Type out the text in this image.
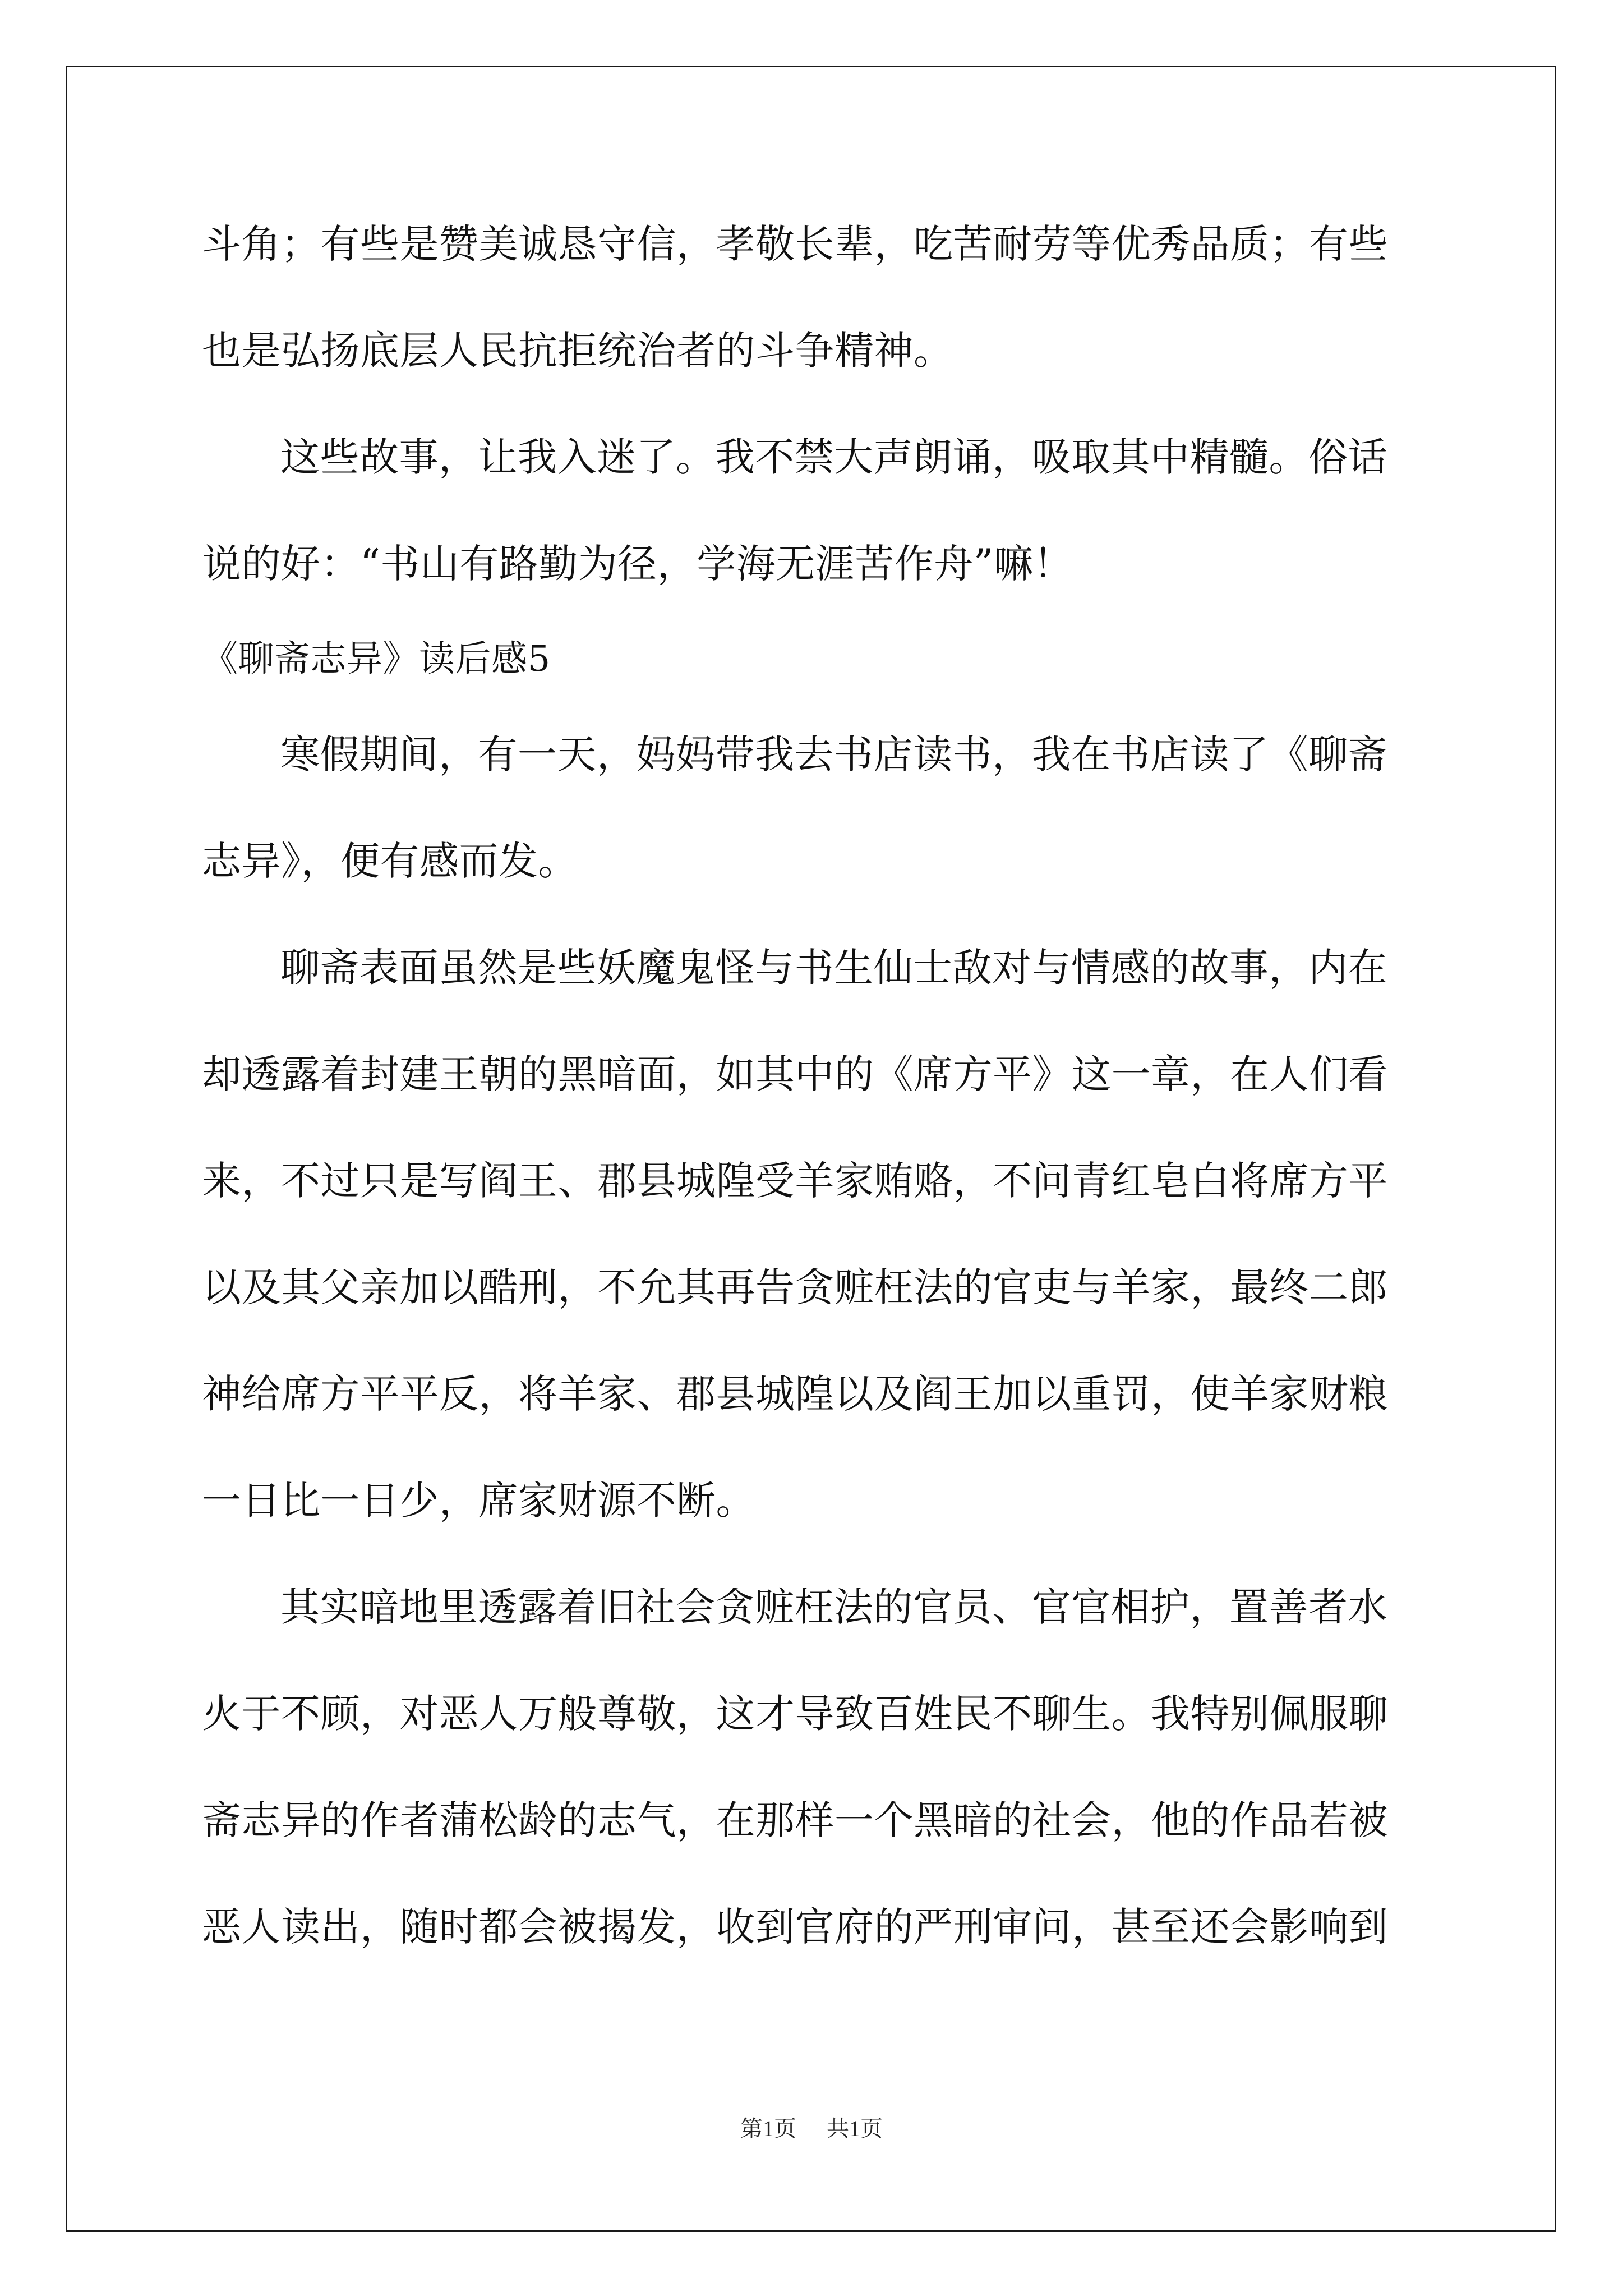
斗角；有些是赞美诚恳守信，孝敬长辈，吃苦耐劳等优秀品质；有些
也是弘扬底层人民抗拒统治者的斗争精神。
这些故事，让我入迷了。我不禁大声朗诵，吸取其中精髓。俗话
说的好：“书山有路勤为径，学海无涯苦作舟”嘛！
《聊斋志异》读后感5
寒假期间，有一天，妈妈带我去书店读书，我在书店读了《聊斋
志异》，便有感而发。
聊斋表面虽然是些妖魔鬼怪与书生仙士敌对与情感的故事，内在
却透露着封建王朝的黑暗面，如其中的《席方平》这一章，在人们看
来，不过只是写阎王、郡县城隍受羊家贿赂，不问青红皂白将席方平
以及其父亲加以酷刑，不允其再告贪赃枉法的官吏与羊家，最终二郎
神给席方平平反，将羊家、郡县城隍以及阎王加以重罚，使羊家财粮
一日比一日少，席家财源不断。
其实暗地里透露着旧社会贪赃枉法的官员、官官相护，置善者水
火于不顾，对恶人万般尊敬，这才导致百姓民不聊生。我特别佩服聊
斋志异的作者蒲松龄的志气，在那样一个黑暗的社会，他的作品若被
恶人读出，随时都会被揭发，收到官府的严刑审问，甚至还会影响到
第1页 共1页
